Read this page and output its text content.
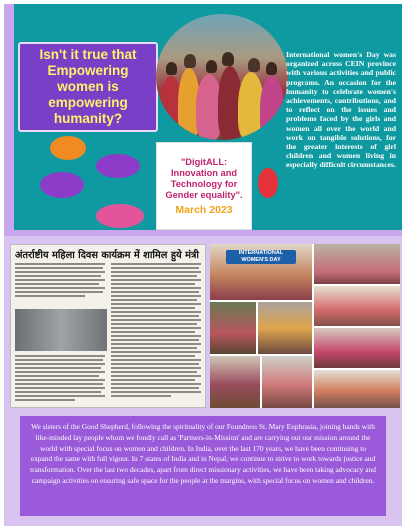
Isn't it true that Empowering women is empowering humanity?
"DigitALL: Innovation and Technology for Gender equality".
March 2023
International women's Day was organized across CEIN province with various activities and public programs. An occasion for the humanity to celebrate women's achievements, contributions, and to reflect on the issues and problems faced by the girls and women all over the world and work on tangible solutions, for the greater interests of girl children and women living in especially difficult circumstances.
अंतर्राष्टीय महिला दिवस कार्यक्रम में शामिल हुये मंत्री	INTERNATIONAL WOMEN'S DAY
We sisters of the Good Shepherd, following the spirituality of our Foundress St. Mary Euphrasia, joining hands with like-minded lay people whom we fondly call as 'Partners-in-Mission' and are carrying out our mission around the world with special focus on women and children. In India, over the last 170 years, we have been continuing to expand the same with full vigour. In 7 states of India and in Nepal, we continue to strive to work towards justice and transformation. Over the last two decades, apart from direct missionary activities, we have been taking advocacy and campaign activities on ensuring safe space for the people at the margins, with special focus on women and children.
